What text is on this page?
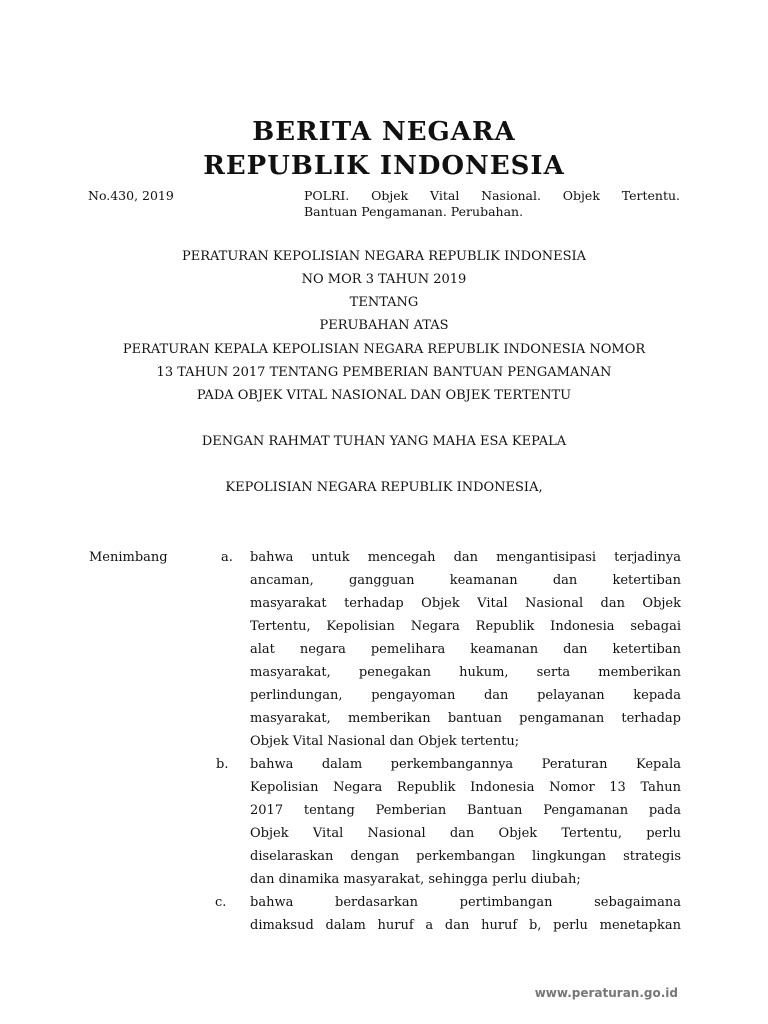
BERITA NEGARA
REPUBLIK INDONESIA
No.430, 2019	POLRI. Objek Vital Nasional. Objek Tertentu.
Bantuan Pengamanan. Perubahan.
PERATURAN KEPOLISIAN NEGARA REPUBLIK INDONESIA
NO MOR 3 TAHUN 2019
TENTANG
PERUBAHAN ATAS
PERATURAN KEPALA KEPOLISIAN NEGARA REPUBLIK INDONESIA NOMOR
13 TAHUN 2017 TENTANG PEMBERIAN BANTUAN PENGAMANAN
PADA OBJEK VITAL NASIONAL DAN OBJEK TERTENTU
DENGAN RAHMAT TUHAN YANG MAHA ESA KEPALA
KEPOLISIAN NEGARA REPUBLIK INDONESIA,
Menimbang	a. bahwa untuk mencegah dan mengantisipasi terjadinya
ancaman, gangguan keamanan dan ketertiban
masyarakat terhadap Objek Vital Nasional dan Objek
Tertentu, Kepolisian Negara Republik Indonesia sebagai
alat negara pemelihara keamanan dan ketertiban
masyarakat, penegakan hukum, serta memberikan
perlindungan, pengayoman dan pelayanan kepada
masyarakat, memberikan bantuan pengamanan terhadap
Objek Vital Nasional dan Objek tertentu;
b. bahwa dalam perkembangannya Peraturan Kepala
Kepolisian Negara Republik Indonesia Nomor 13 Tahun
2017 tentang Pemberian Bantuan Pengamanan pada
Objek Vital Nasional dan Objek Tertentu, perlu
diselaraskan dengan perkembangan lingkungan strategis
dan dinamika masyarakat, sehingga perlu diubah;
c. bahwa berdasarkan pertimbangan sebagaimana
dimaksud dalam huruf a dan huruf b, perlu menetapkan
www.peraturan.go.id
